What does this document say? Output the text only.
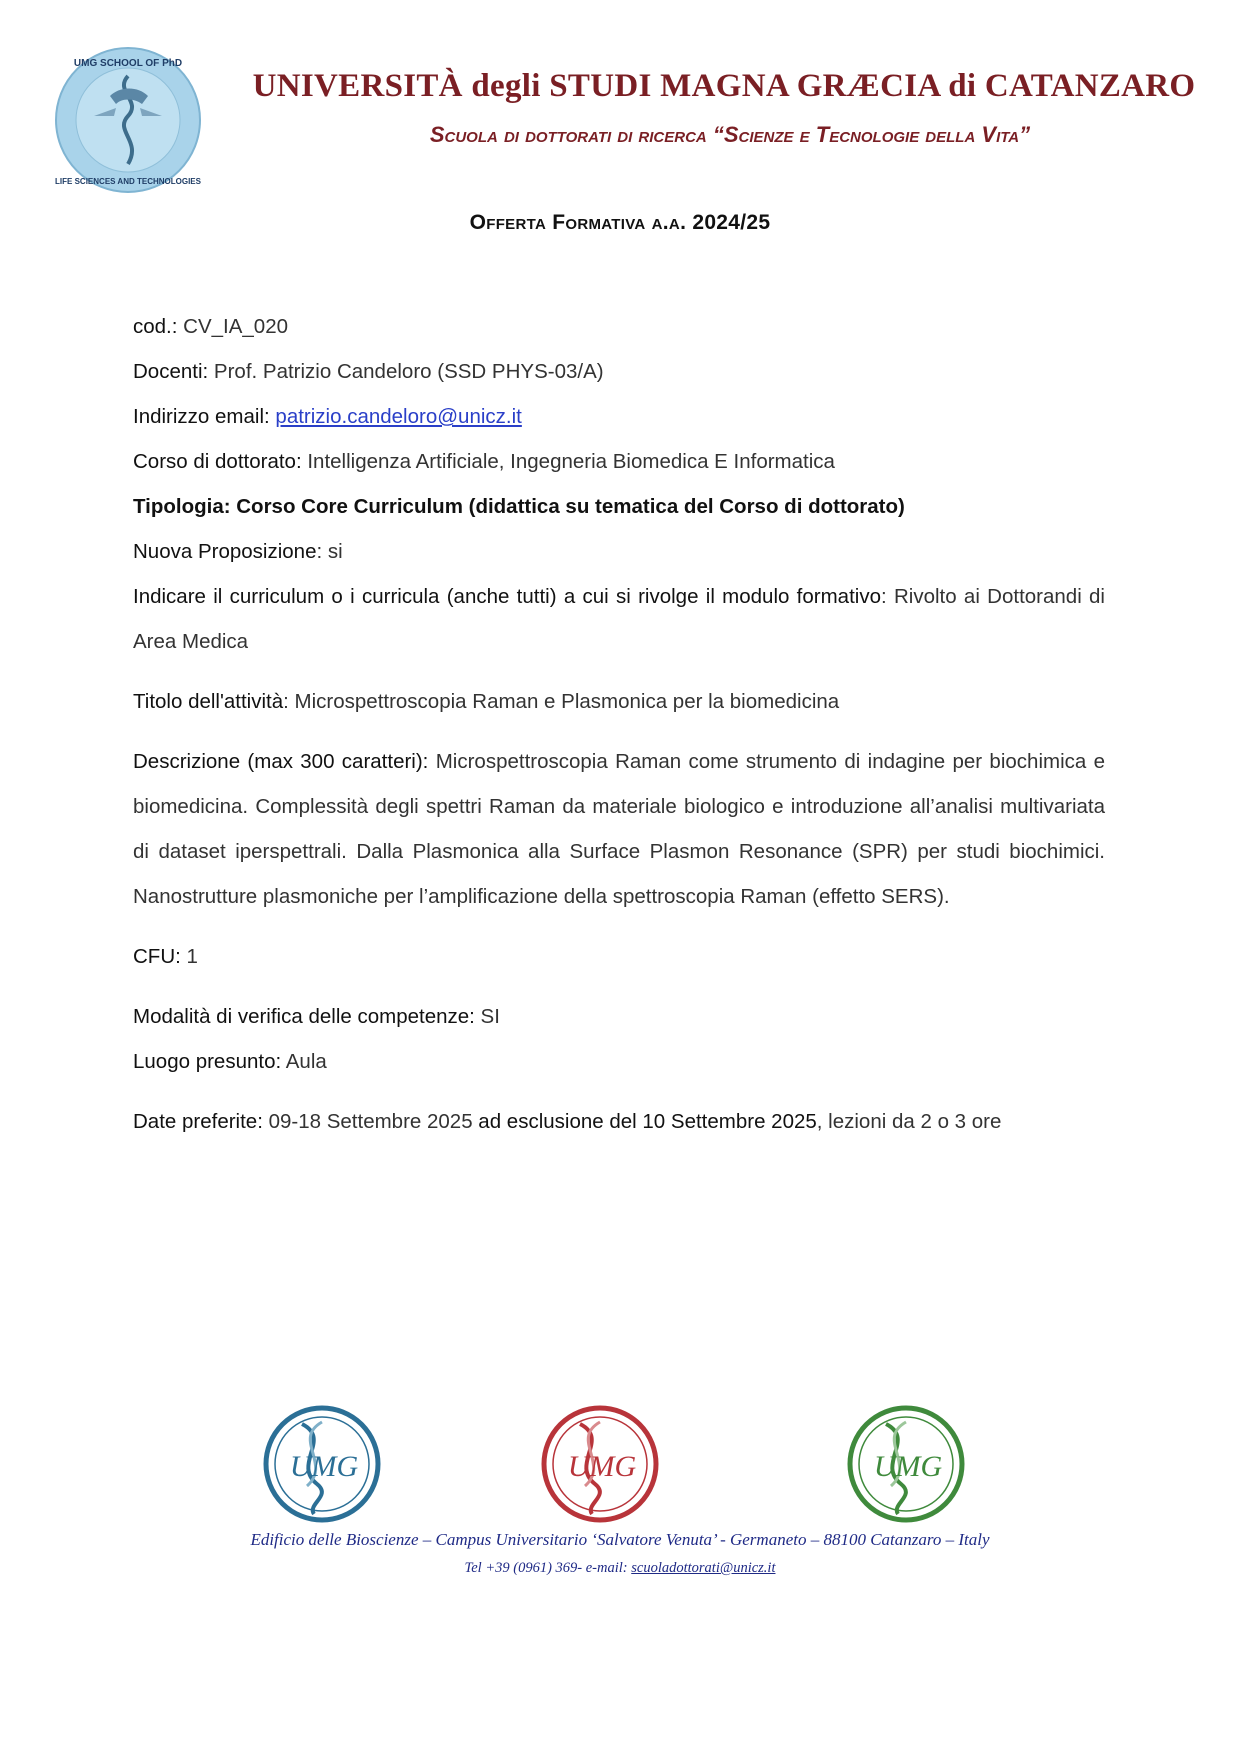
UMG SCHOOL OF PhD
LIFE SCIENCES AND TECHNOLOGIES
UNIVERSITÀ degli STUDI MAGNA GRÆCIA di CATANZARO
Scuola di dottorati di ricerca “Scienze e Tecnologie della Vita”
Offerta Formativa a.a. 2024/25
cod.: CV_IA_020
Docenti: Prof. Patrizio Candeloro (SSD PHYS-03/A)
Indirizzo email: patrizio.candeloro@unicz.it
Corso di dottorato: Intelligenza Artificiale, Ingegneria Biomedica E Informatica
Tipologia: Corso Core Curriculum (didattica su tematica del Corso di dottorato)
Nuova Proposizione: si
Indicare il curriculum o i curricula (anche tutti) a cui si rivolge il modulo formativo: Rivolto ai Dottorandi di Area Medica
Titolo dell'attività: Microspettroscopia Raman e Plasmonica per la biomedicina
Descrizione (max 300 caratteri): Microspettroscopia Raman come strumento di indagine per biochimica e biomedicina. Complessità degli spettri Raman da materiale biologico e introduzione all’analisi multivariata di dataset iperspettrali. Dalla Plasmonica alla Surface Plasmon Resonance (SPR) per studi biochimici. Nanostrutture plasmoniche per l’amplificazione della spettroscopia Raman (effetto SERS).
CFU: 1
Modalità di verifica delle competenze: SI
Luogo presunto: Aula
Date preferite: 09-18 Settembre 2025 ad esclusione del 10 Settembre 2025, lezioni da 2 o 3 ore
UMG	UMG	UMG
Edificio delle Bioscienze – Campus Universitario ‘Salvatore Venuta’ - Germaneto – 88100 Catanzaro – Italy
Tel +39 (0961) 369- e-mail: scuoladottorati@unicz.it
